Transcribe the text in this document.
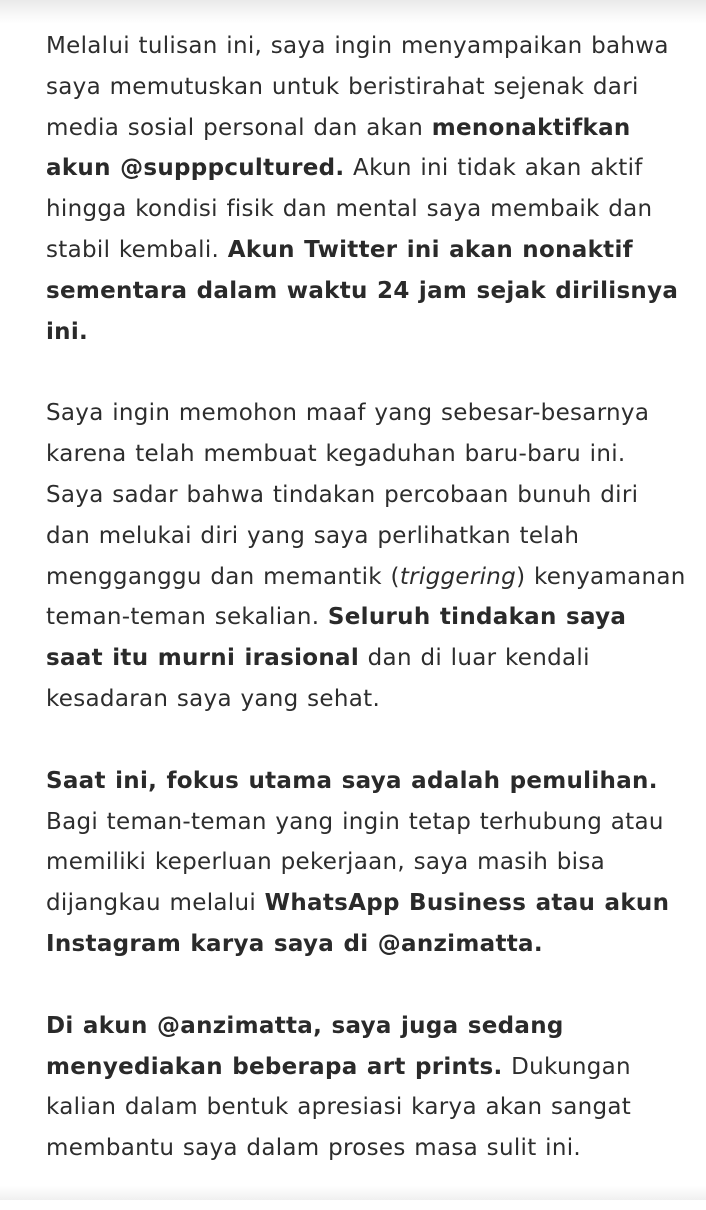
Melalui tulisan ini, saya ingin menyampaikan bahwa saya memutuskan untuk beristirahat sejenak dari media sosial personal dan akan menonaktifkan akun @supppcultured. Akun ini tidak akan aktif hingga kondisi fisik dan mental saya membaik dan stabil kembali. Akun Twitter ini akan nonaktif sementara dalam waktu 24 jam sejak dirilisnya ini.

Saya ingin memohon maaf yang sebesar-besarnya karena telah membuat kegaduhan baru-baru ini. Saya sadar bahwa tindakan percobaan bunuh diri dan melukai diri yang saya perlihatkan telah mengganggu dan memantik (triggering) kenyamanan teman-teman sekalian. Seluruh tindakan saya saat itu murni irasional dan di luar kendali kesadaran saya yang sehat.

Saat ini, fokus utama saya adalah pemulihan. Bagi teman-teman yang ingin tetap terhubung atau memiliki keperluan pekerjaan, saya masih bisa dijangkau melalui WhatsApp Business atau akun Instagram karya saya di @anzimatta.

Di akun @anzimatta, saya juga sedang menyediakan beberapa art prints. Dukungan kalian dalam bentuk apresiasi karya akan sangat membantu saya dalam proses masa sulit ini.
